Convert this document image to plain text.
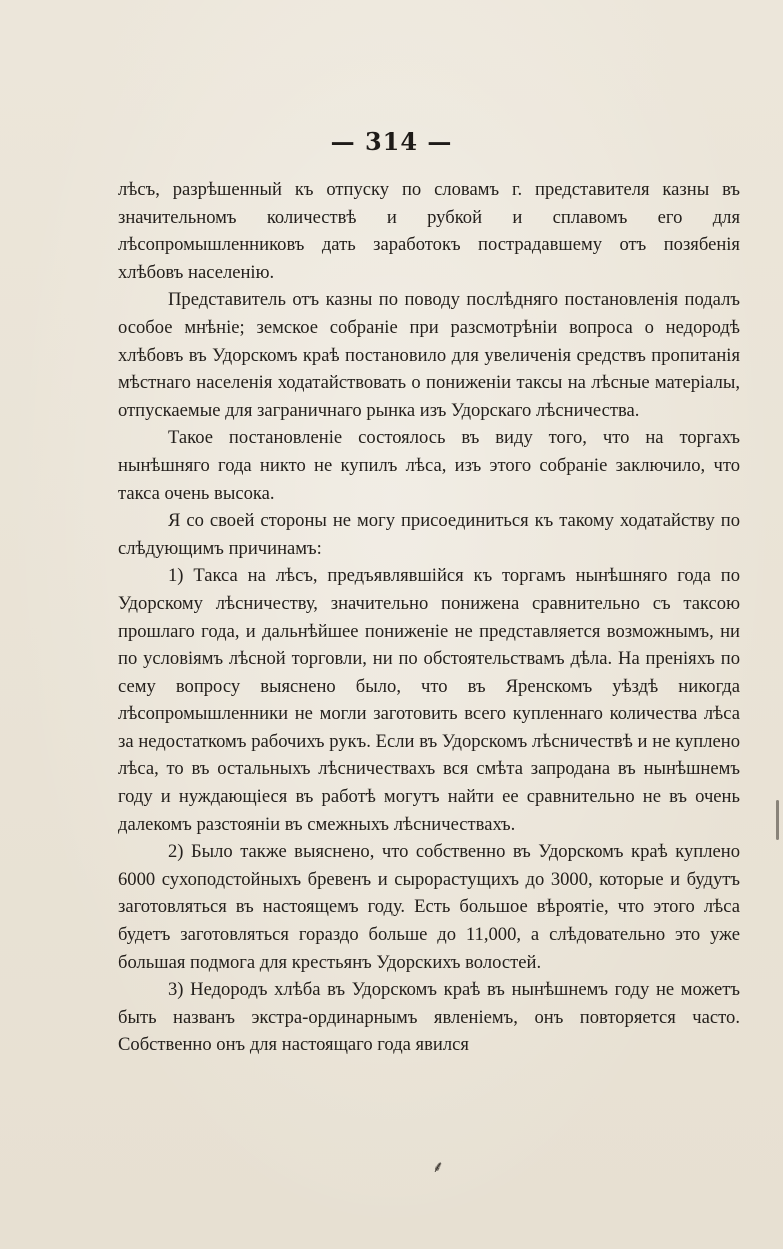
— 314 —

лѣсъ, разрѣшенный къ отпуску по словамъ г. представителя казны въ значительномъ количествѣ и рубкой и сплавомъ его для лѣсопромышленниковъ дать заработокъ пострадавшему отъ позябенія хлѣбовъ населенію.

Представитель отъ казны по поводу послѣдняго постановленія подалъ особое мнѣніе; земское собраніе при разсмотрѣніи вопроса о недородѣ хлѣбовъ въ Удорскомъ краѣ постановило для увеличенія средствъ пропитанія мѣстнаго населенія ходатайствовать о пониженіи таксы на лѣсные матеріалы, отпускаемые для заграничнаго рынка изъ Удорскаго лѣсничества.

Такое постановленіе состоялось въ виду того, что на торгахъ нынѣшняго года никто не купилъ лѣса, изъ этого собраніе заключило, что такса очень высока.

Я со своей стороны не могу присоединиться къ такому ходатайству по слѣдующимъ причинамъ:

1) Такса на лѣсъ, предъявлявшійся къ торгамъ нынѣшняго года по Удорскому лѣсничеству, значительно понижена сравнительно съ таксою прошлаго года, и дальнѣйшее пониженіе не представляется возможнымъ, ни по условіямъ лѣсной торговли, ни по обстоятельствамъ дѣла. На преніяхъ по сему вопросу выяснено было, что въ Яренскомъ уѣздѣ никогда лѣсопромышленники не могли заготовить всего купленнаго количества лѣса за недостаткомъ рабочихъ рукъ. Если въ Удорскомъ лѣсничествѣ и не куплено лѣса, то въ остальныхъ лѣсничествахъ вся смѣта запродана въ нынѣшнемъ году и нуждающіеся въ работѣ могутъ найти ее сравнительно не въ очень далекомъ разстояніи въ смежныхъ лѣсничествахъ.

2) Было также выяснено, что собственно въ Удорскомъ краѣ куплено 6000 сухоподстойныхъ бревенъ и сырорастущихъ до 3000, которые и будутъ заготовляться въ настоящемъ году. Есть большое вѣроятіе, что этого лѣса будетъ заготовляться гораздо больше до 11,000, а слѣдовательно это уже большая подмога для крестьянъ Удорскихъ волостей.

3) Недородъ хлѣба въ Удорскомъ краѣ въ нынѣшнемъ году не можетъ быть названъ экстра-ординарнымъ явленіемъ, онъ повторяется часто. Собственно онъ для настоящаго года явился

⸙
